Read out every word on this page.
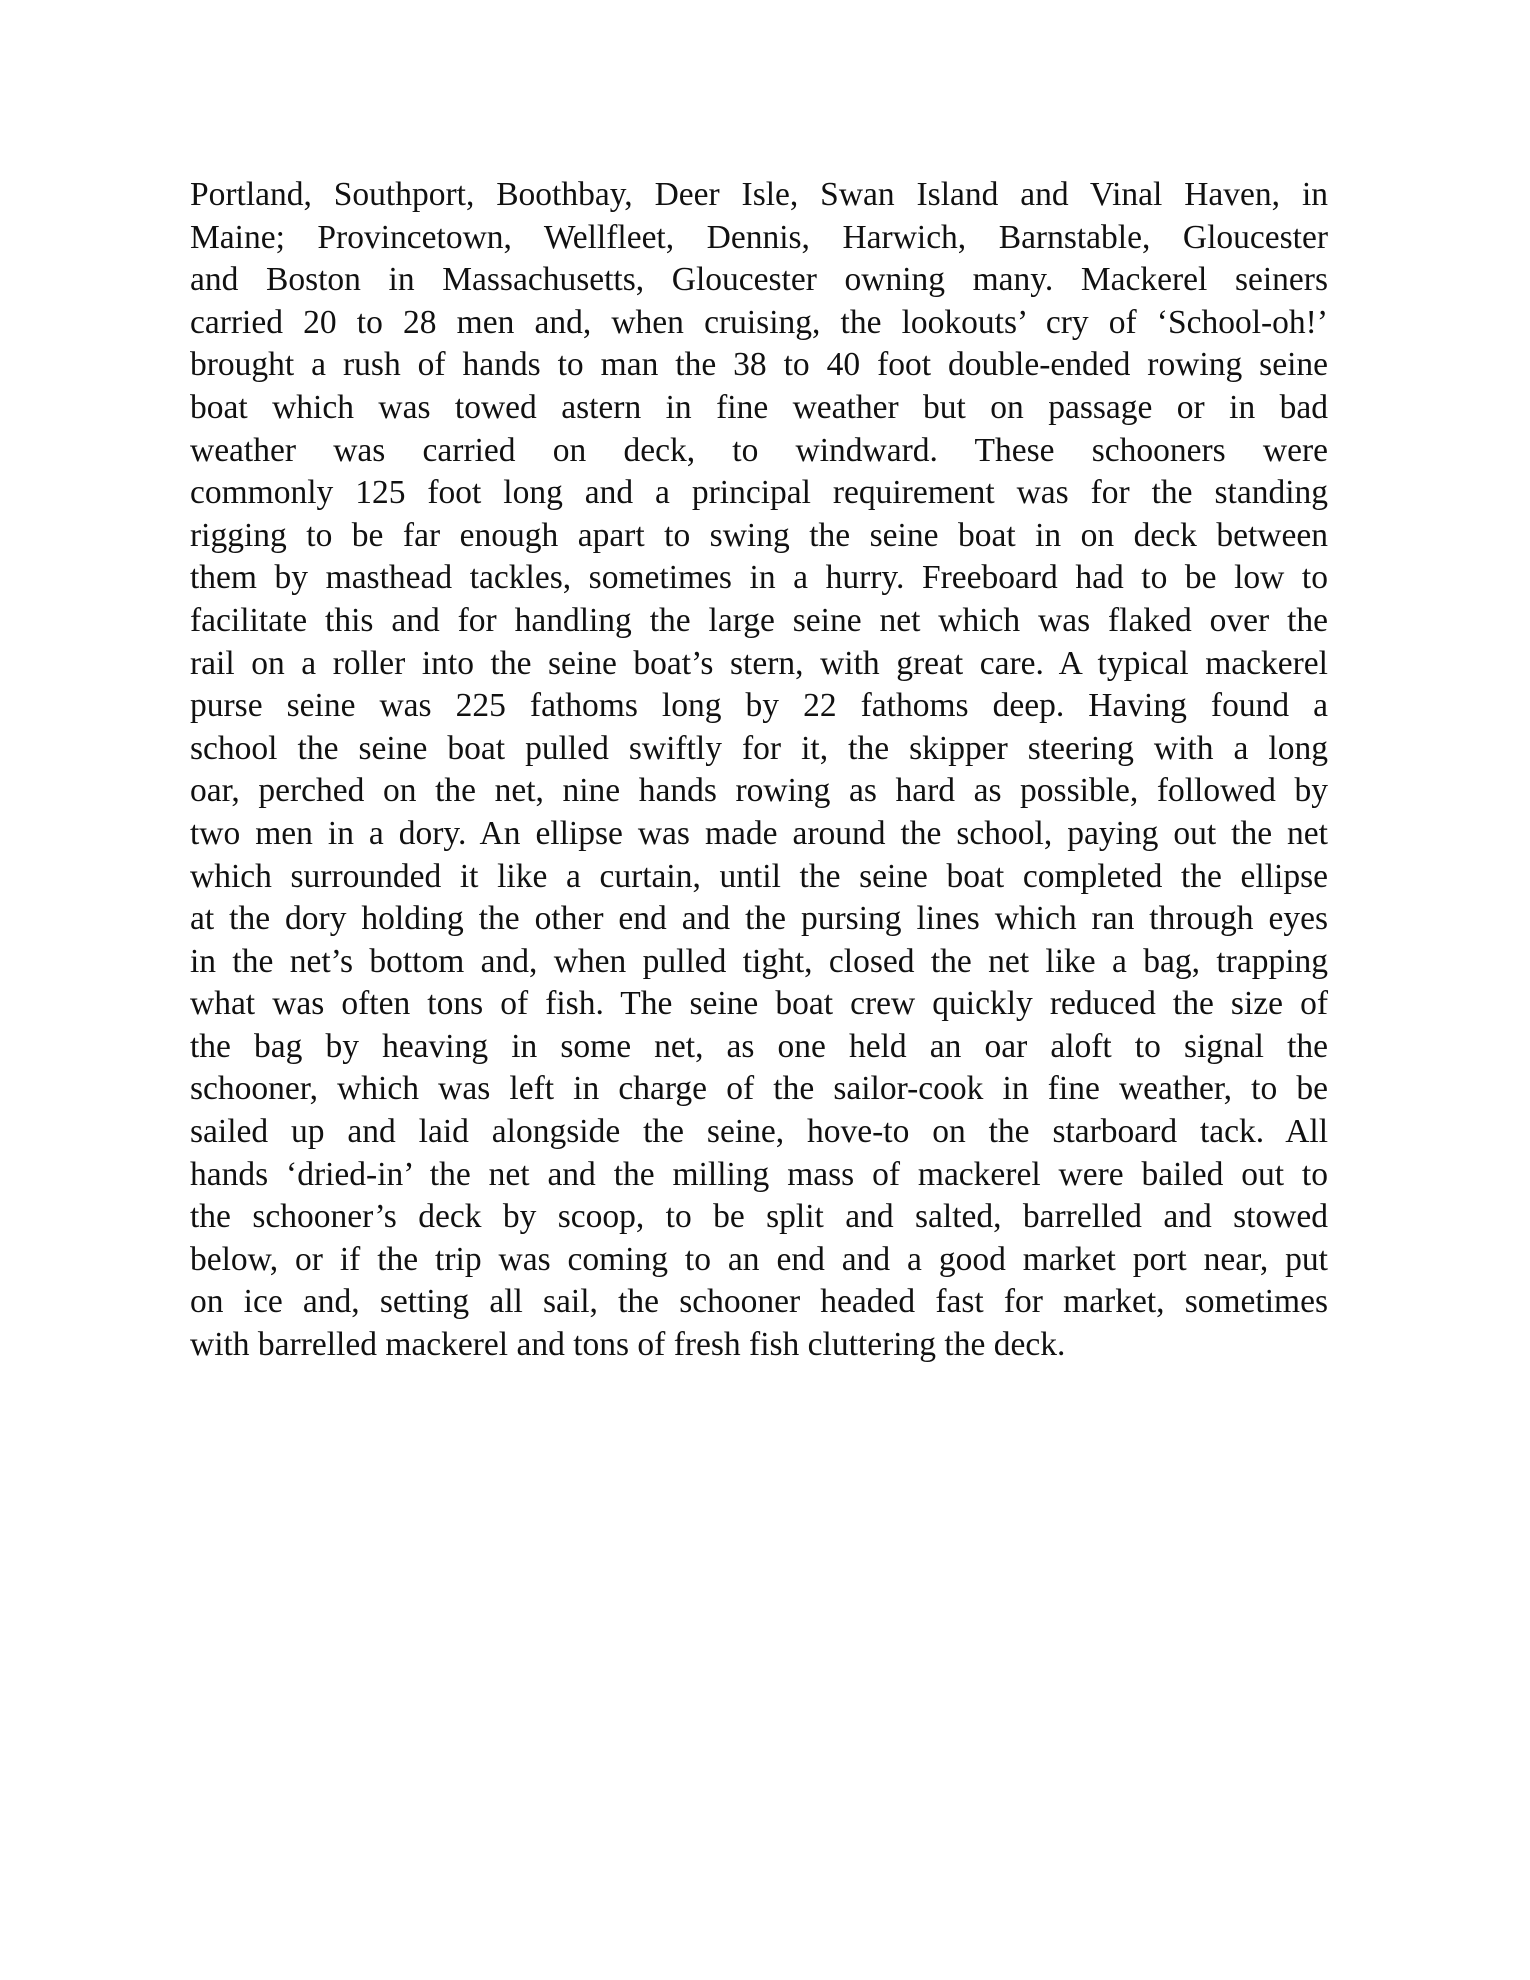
Portland, Southport, Boothbay, Deer Isle, Swan Island and Vinal Haven, in
Maine; Provincetown, Wellfleet, Dennis, Harwich, Barnstable, Gloucester
and Boston in Massachusetts, Gloucester owning many. Mackerel seiners
carried 20 to 28 men and, when cruising, the lookouts’ cry of ‘School-oh!’
brought a rush of hands to man the 38 to 40 foot double-ended rowing seine
boat which was towed astern in fine weather but on passage or in bad
weather was carried on deck, to windward. These schooners were
commonly 125 foot long and a principal requirement was for the standing
rigging to be far enough apart to swing the seine boat in on deck between
them by masthead tackles, sometimes in a hurry. Freeboard had to be low to
facilitate this and for handling the large seine net which was flaked over the
rail on a roller into the seine boat’s stern, with great care. A typical mackerel
purse seine was 225 fathoms long by 22 fathoms deep. Having found a
school the seine boat pulled swiftly for it, the skipper steering with a long
oar, perched on the net, nine hands rowing as hard as possible, followed by
two men in a dory. An ellipse was made around the school, paying out the net
which surrounded it like a curtain, until the seine boat completed the ellipse
at the dory holding the other end and the pursing lines which ran through eyes
in the net’s bottom and, when pulled tight, closed the net like a bag, trapping
what was often tons of fish. The seine boat crew quickly reduced the size of
the bag by heaving in some net, as one held an oar aloft to signal the
schooner, which was left in charge of the sailor-cook in fine weather, to be
sailed up and laid alongside the seine, hove-to on the starboard tack. All
hands ‘dried-in’ the net and the milling mass of mackerel were bailed out to
the schooner’s deck by scoop, to be split and salted, barrelled and stowed
below, or if the trip was coming to an end and a good market port near, put
on ice and, setting all sail, the schooner headed fast for market, sometimes
with barrelled mackerel and tons of fresh fish cluttering the deck.
